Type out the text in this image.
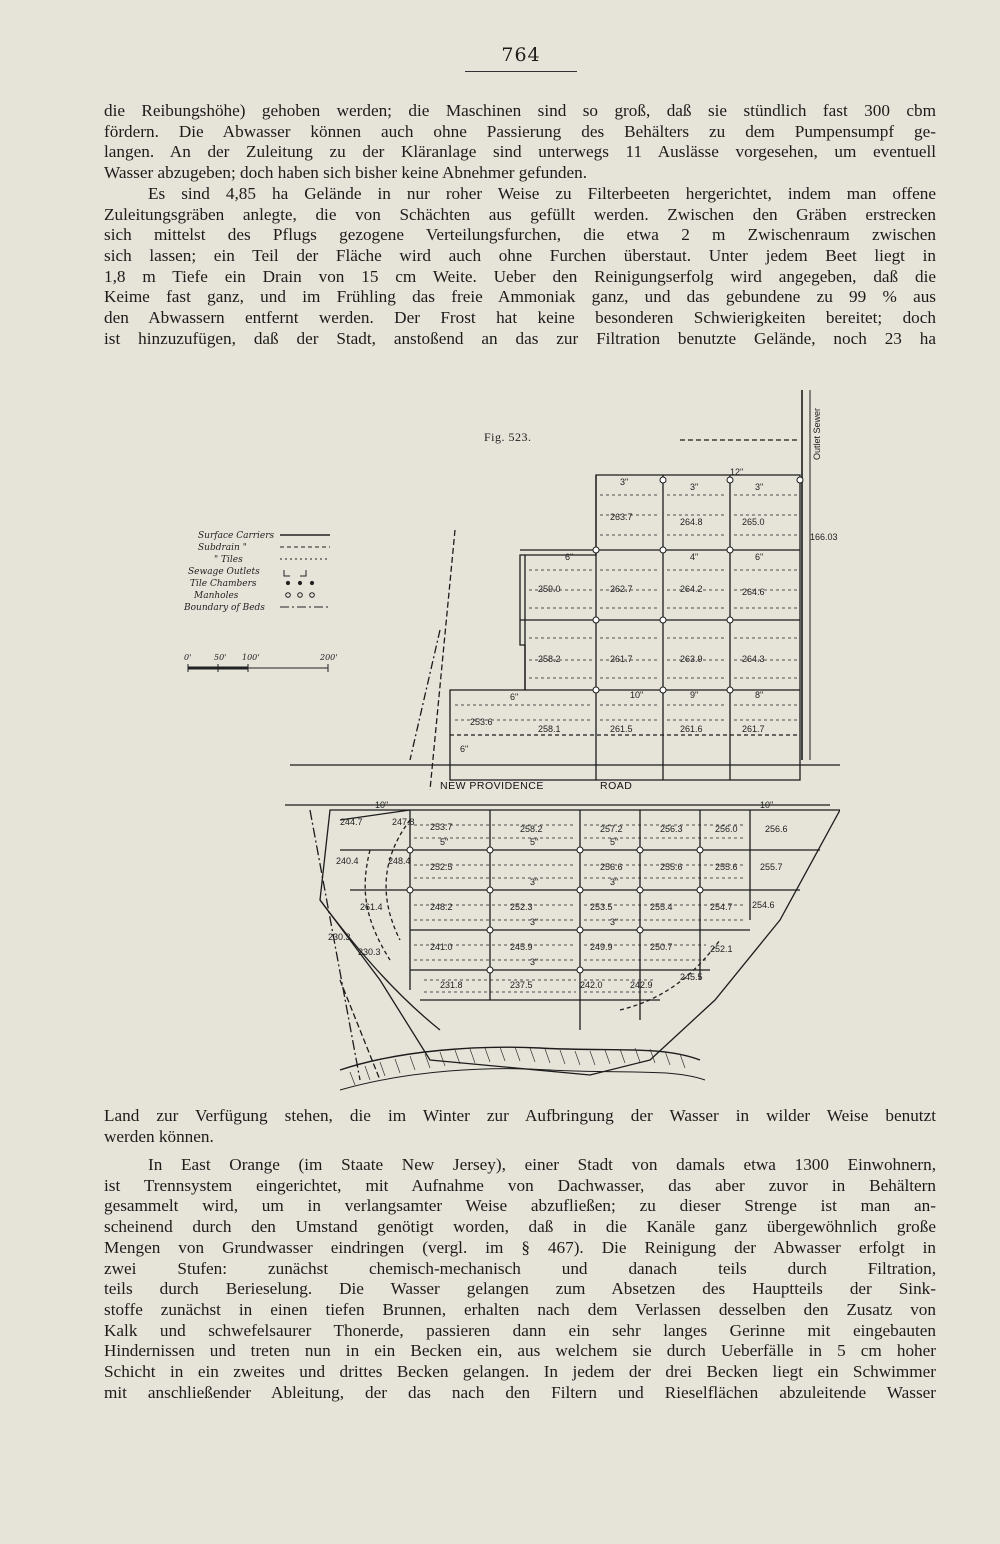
764
die Reibungshöhe) gehoben werden; die Maschinen sind so groß, daß sie stündlich fast 300 cbm
fördern. Die Abwasser können auch ohne Passierung des Behälters zu dem Pumpensumpf ge-
langen. An der Zuleitung zu der Kläranlage sind unterwegs 11 Auslässe vorgesehen, um eventuell
Wasser abzugeben; doch haben sich bisher keine Abnehmer gefunden.
Es sind 4,85 ha Gelände in nur roher Weise zu Filterbeeten hergerichtet, indem man offene
Zuleitungsgräben anlegte, die von Schächten aus gefüllt werden. Zwischen den Gräben erstrecken
sich mittelst des Pflugs gezogene Verteilungsfurchen, die etwa 2 m Zwischenraum zwischen
sich lassen; ein Teil der Fläche wird auch ohne Furchen überstaut. Unter jedem Beet liegt in
1,8 m Tiefe ein Drain von 15 cm Weite. Ueber den Reinigungserfolg wird angegeben, daß die
Keime fast ganz, und im Frühling das freie Ammoniak ganz, und das gebundene zu 99 % aus
den Abwassern entfernt werden. Der Frost hat keine besonderen Schwierigkeiten bereitet; doch
ist hinzuzufügen, daß der Stadt, anstoßend an das zur Filtration benutzte Gelände, noch 23 ha
Fig. 523.
Surface Carriers
Subdrain "
" Tiles
Sewage Outlets
Tile Chambers
Manholes
Boundary of Beds
0'	50' 100'	200'
NEW PROVIDENCE	ROAD
Outlet Sewer
166.03
263.7	264.8	265.0
259.0	262.7	264.2	264.6
258.2	261.7	263.9	264.3
253.6
258.1	261.5	261.6	261.7
244.7	247.8 253.7	258.2	257.2	256.3	256.0	256.6
240.4	248.4
252.5	256.6	255.6	255.6 255.7
261.4	248.2	252.3	253.5	255.4	254.7 254.6
230.3
241.0	245.9	249.9	250.7	252.1
230.3
231.8	237.5	242.0	242.9
245.5
12"
3"	3"	3"
4"
6"	6"
10"	9"	8"
6"
6"
10"
10"
5"	5"	5"
3"	3"
3"	3"
3"
Land zur Verfügung stehen, die im Winter zur Aufbringung der Wasser in wilder Weise benutzt
werden können.
In East Orange (im Staate New Jersey), einer Stadt von damals etwa 1300 Einwohnern,
ist Trennsystem eingerichtet, mit Aufnahme von Dachwasser, das aber zuvor in Behältern
gesammelt wird, um in verlangsamter Weise abzufließen; zu dieser Strenge ist man an-
scheinend durch den Umstand genötigt worden, daß in die Kanäle ganz übergewöhnlich große
Mengen von Grundwasser eindringen (vergl. im § 467). Die Reinigung der Abwasser erfolgt in
zwei Stufen: zunächst chemisch-mechanisch und danach teils durch Filtration,
teils durch Berieselung. Die Wasser gelangen zum Absetzen des Hauptteils der Sink-
stoffe zunächst in einen tiefen Brunnen, erhalten nach dem Verlassen desselben den Zusatz von
Kalk und schwefelsaurer Thonerde, passieren dann ein sehr langes Gerinne mit eingebauten
Hindernissen und treten nun in ein Becken ein, aus welchem sie durch Ueberfälle in 5 cm hoher
Schicht in ein zweites und drittes Becken gelangen. In jedem der drei Becken liegt ein Schwimmer
mit anschließender Ableitung, der das nach den Filtern und Rieselflächen abzuleitende Wasser
